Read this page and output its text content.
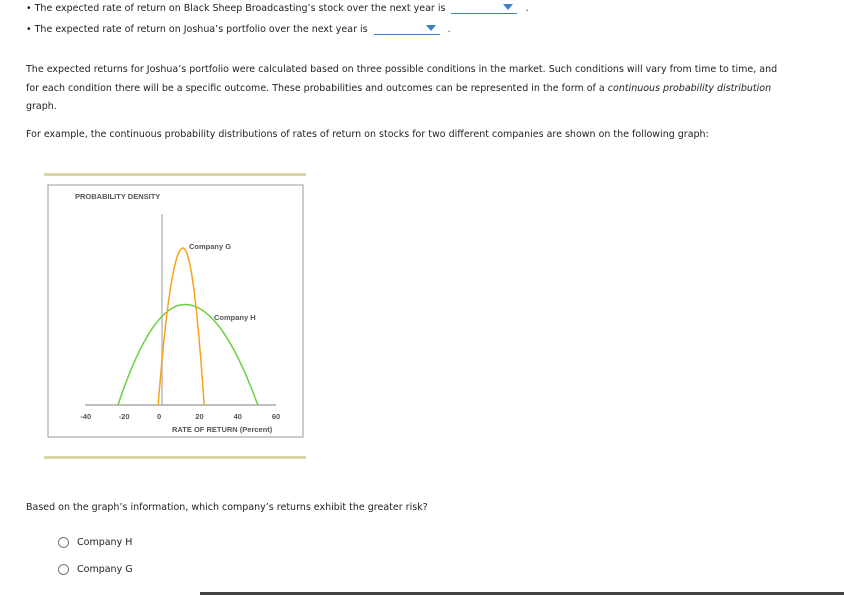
• The expected rate of return on Black Sheep Broadcasting’s stock over the next year is	.
• The expected rate of return on Joshua’s portfolio over the next year is	.
The expected returns for Joshua’s portfolio were calculated based on three possible conditions in the market. Such conditions will vary from time to time, and for each condition there will be a specific outcome. These probabilities and outcomes can be represented in the form of a continuous probability distribution graph.
For example, the continuous probability distributions of rates of return on stocks for two different companies are shown on the following graph:
PROBABILITY DENSITY
-40	-20	0	20	40	60
Company G
Company H
RATE OF RETURN (Percent)
Based on the graph’s information, which company’s returns exhibit the greater risk?
Company H
Company G
